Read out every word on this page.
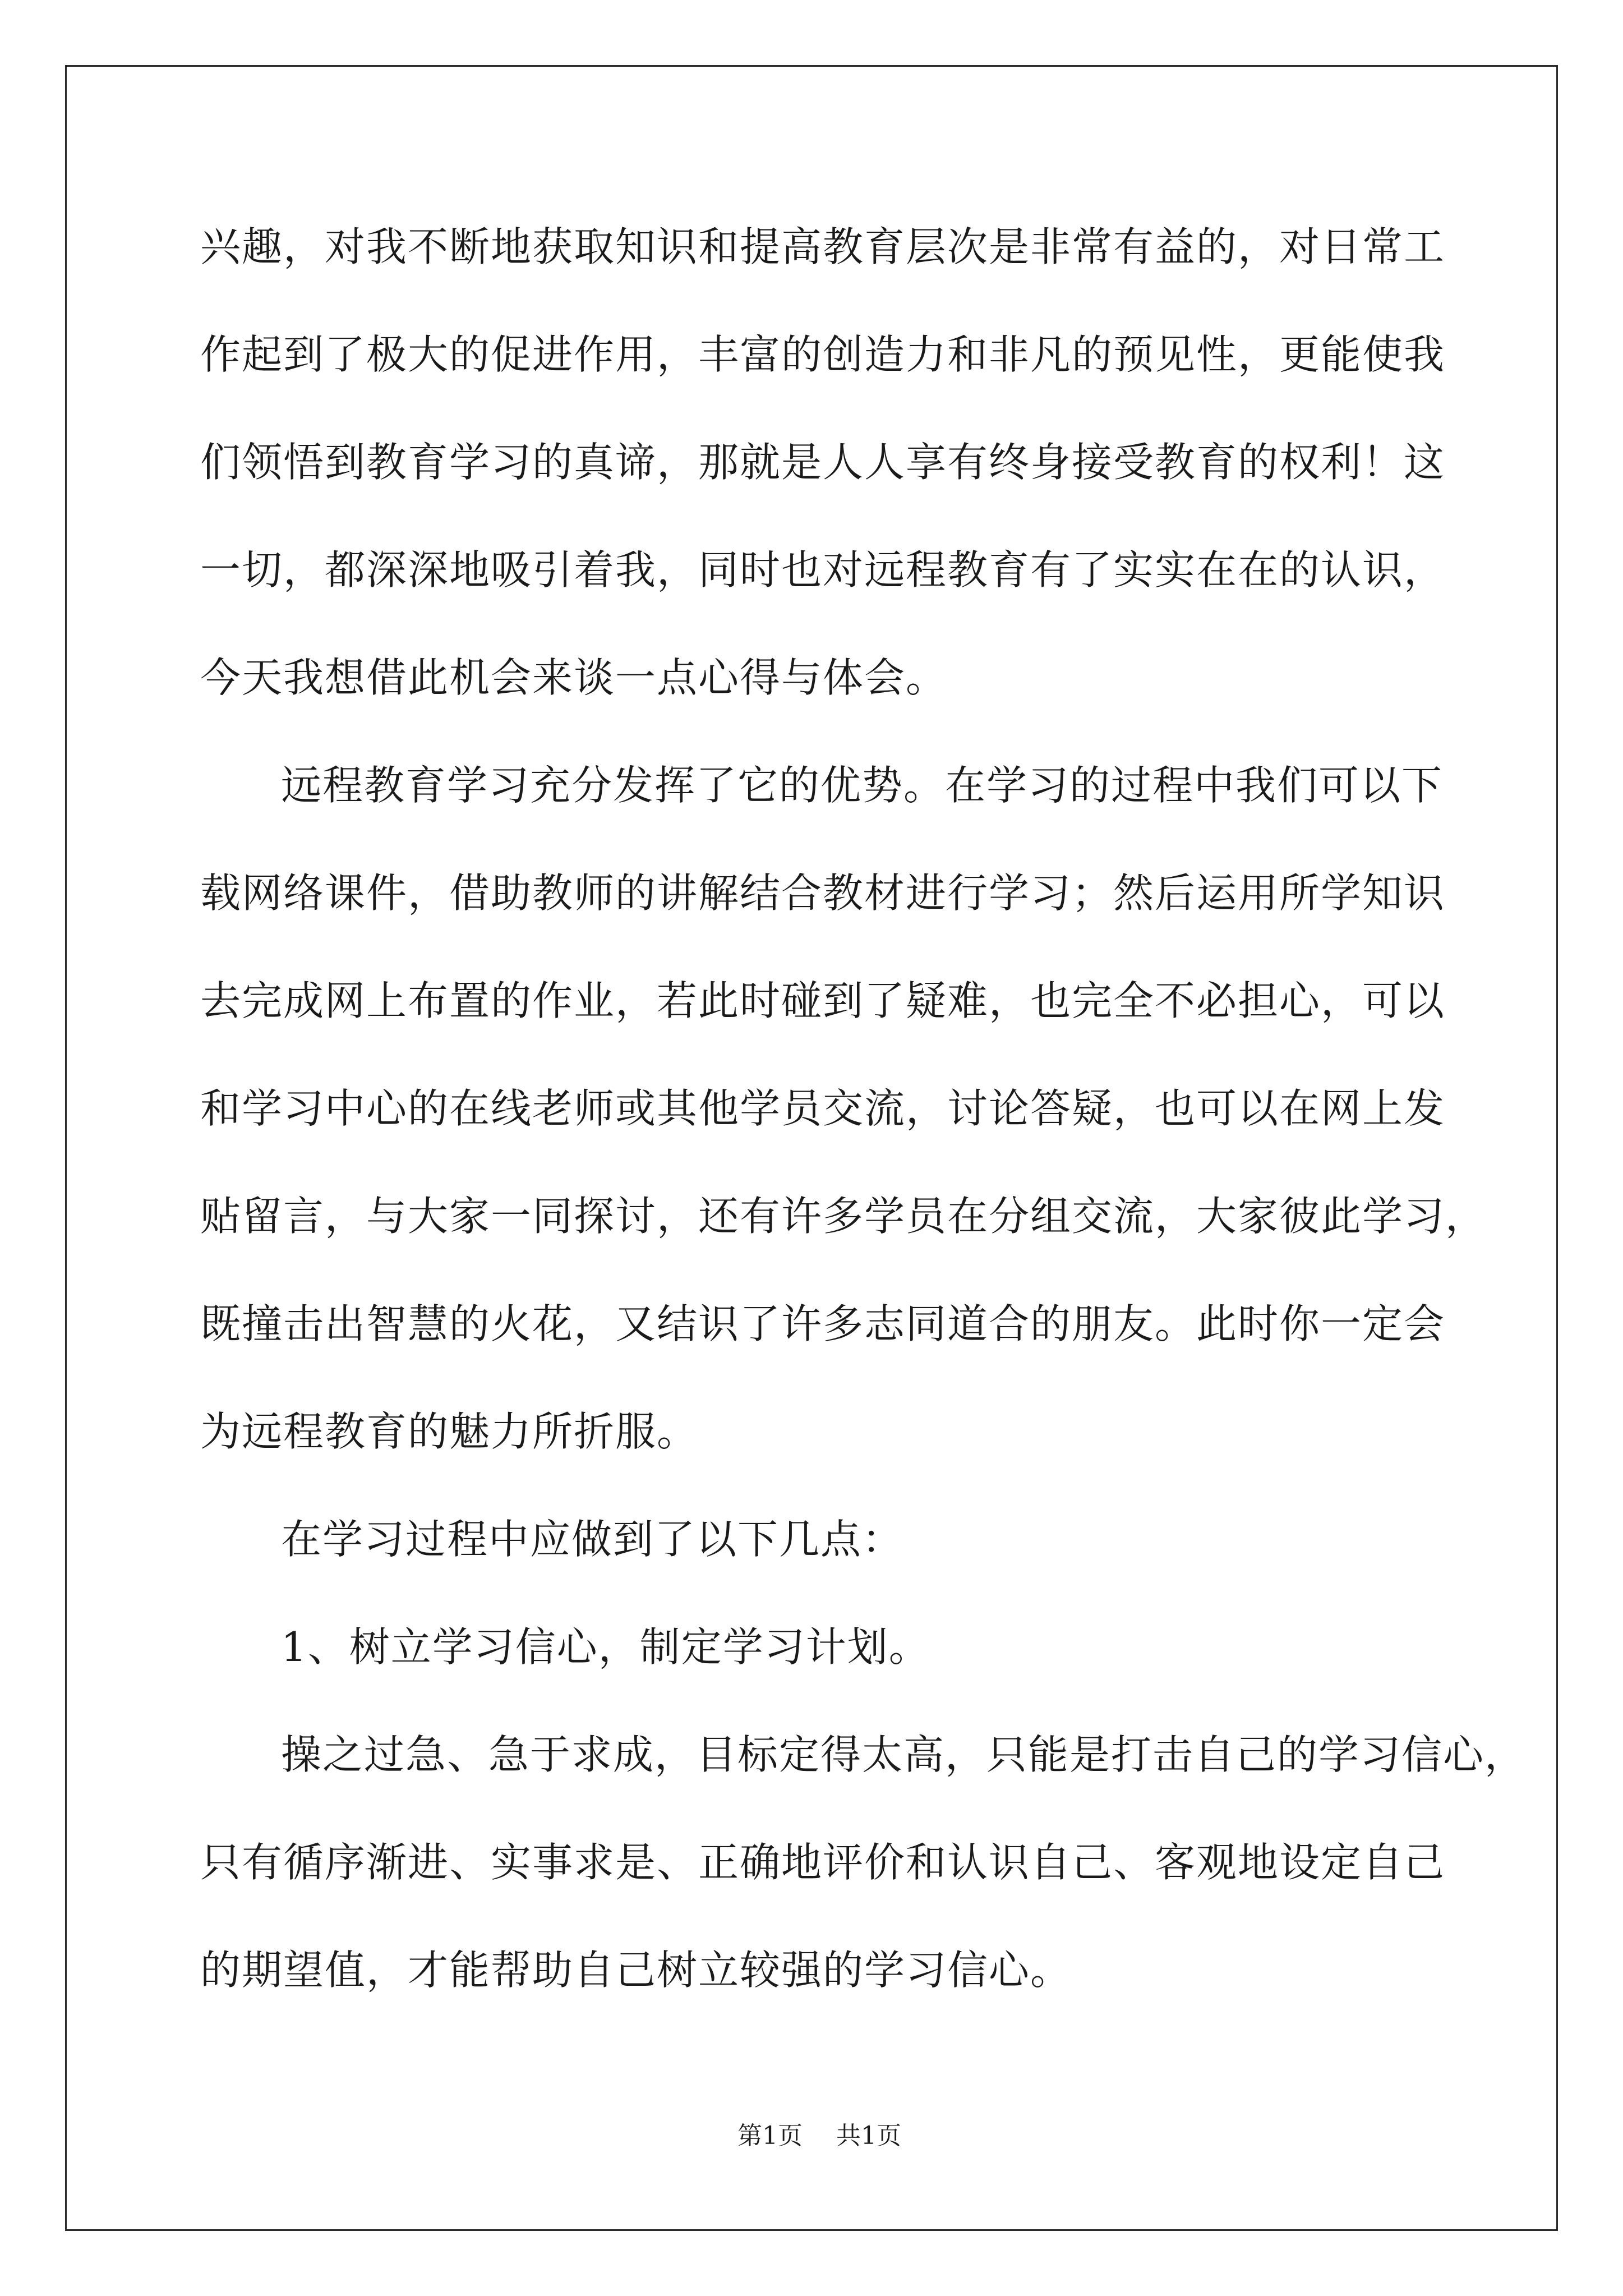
兴趣，对我不断地获取知识和提高教育层次是非常有益的，对日常工
作起到了极大的促进作用，丰富的创造力和非凡的预见性，更能使我
们领悟到教育学习的真谛，那就是人人享有终身接受教育的权利！这
一切，都深深地吸引着我，同时也对远程教育有了实实在在的认识，
今天我想借此机会来谈一点心得与体会。
远程教育学习充分发挥了它的优势。在学习的过程中我们可以下
载网络课件，借助教师的讲解结合教材进行学习；然后运用所学知识
去完成网上布置的作业，若此时碰到了疑难，也完全不必担心，可以
和学习中心的在线老师或其他学员交流，讨论答疑，也可以在网上发
贴留言，与大家一同探讨，还有许多学员在分组交流，大家彼此学习，
既撞击出智慧的火花，又结识了许多志同道合的朋友。此时你一定会
为远程教育的魅力所折服。
在学习过程中应做到了以下几点：
1、树立学习信心，制定学习计划。
操之过急、急于求成，目标定得太高，只能是打击自己的学习信心，
只有循序渐进、实事求是、正确地评价和认识自己、客观地设定自己
的期望值，才能帮助自己树立较强的学习信心。

第1页 共1页
